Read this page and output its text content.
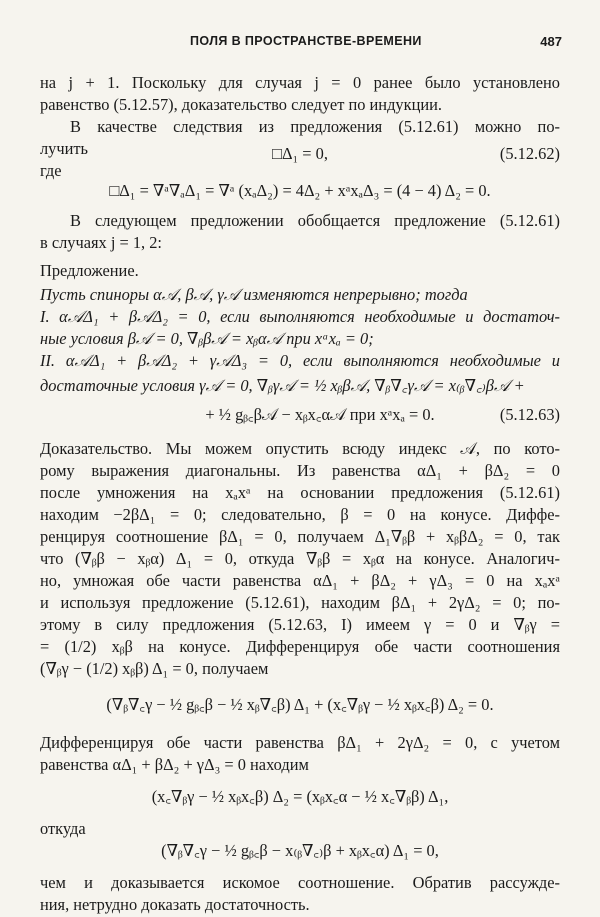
ПОЛЯ В ПРОСТРАНСТВЕ-ВРЕМЕНИ	487
на j + 1. Поскольку для случая j = 0 ранее было установлено
равенство (5.12.57), доказательство следует по индукции.
В качестве следствия из предложения (5.12.61) можно по-
лучить	□Δ₁ = 0,	(5.12.62)
где
□Δ₁ = ∇ᵃ∇ₐΔ₁ = ∇ᵃ (xₐΔ₂) = 4Δ₂ + xᵃxₐΔ₃ = (4 − 4) Δ₂ = 0.
В следующем предложении обобщается предложение (5.12.61)
в случаях j = 1, 2:
Предложение.
Пусть спиноры α𝒜, β𝒜, γ𝒜 изменяются непрерывно; тогда
I. α𝒜Δ₁ + β𝒜Δ₂ = 0, если выполняются необходимые и достаточ-
ные условия β𝒜 = 0, ∇ᵦβ𝒜 = xᵦα𝒜 при xᵃxₐ = 0;
II. α𝒜Δ₁ + β𝒜Δ₂ + γ𝒜Δ₃ = 0, если выполняются необходимые и
достаточные условия γ𝒜 = 0, ∇ᵦγ𝒜 = ½ xᵦβ𝒜, ∇ᵦ∇꜀γ𝒜 = x₍ᵦ∇꜀₎β𝒜 +
+ ½ gᵦ꜀β𝒜 − xᵦx꜀α𝒜 при xᵃxₐ = 0.	(5.12.63)
Доказательство. Мы можем опустить всюду индекс 𝒜, по кото-
рому выражения диагональны. Из равенства αΔ₁ + βΔ₂ = 0
после умножения на xₐxᵃ на основании предложения (5.12.61)
находим −2βΔ₁ = 0; следовательно, β = 0 на конусе. Диффе-
ренцируя соотношение βΔ₁ = 0, получаем Δ₁∇ᵦβ + xᵦβΔ₂ = 0, так
что (∇ᵦβ − xᵦα) Δ₁ = 0, откуда ∇ᵦβ = xᵦα на конусе. Аналогич-
но, умножая обе части равенства αΔ₁ + βΔ₂ + γΔ₃ = 0 на xₐxᵃ
и используя предложение (5.12.61), находим βΔ₁ + 2γΔ₂ = 0; по-
этому в силу предложения (5.12.63, I) имеем γ = 0 и ∇ᵦγ =
= (1/2) xᵦβ на конусе. Дифференцируя обе части соотношения
(∇ᵦγ − (1/2) xᵦβ) Δ₁ = 0, получаем
(∇ᵦ∇꜀γ − ½ gᵦ꜀β − ½ xᵦ∇꜀β) Δ₁ + (x꜀∇ᵦγ − ½ xᵦx꜀β) Δ₂ = 0.
Дифференцируя обе части равенства βΔ₁ + 2γΔ₂ = 0, с учетом
равенства αΔ₁ + βΔ₂ + γΔ₃ = 0 находим
(x꜀∇ᵦγ − ½ xᵦx꜀β) Δ₂ = (xᵦx꜀α − ½ x꜀∇ᵦβ) Δ₁,
откуда
(∇ᵦ∇꜀γ − ½ gᵦ꜀β − x₍ᵦ∇꜀₎β + xᵦx꜀α) Δ₁ = 0,
чем и доказывается искомое соотношение. Обратив рассужде-
ния, нетрудно доказать достаточность.
